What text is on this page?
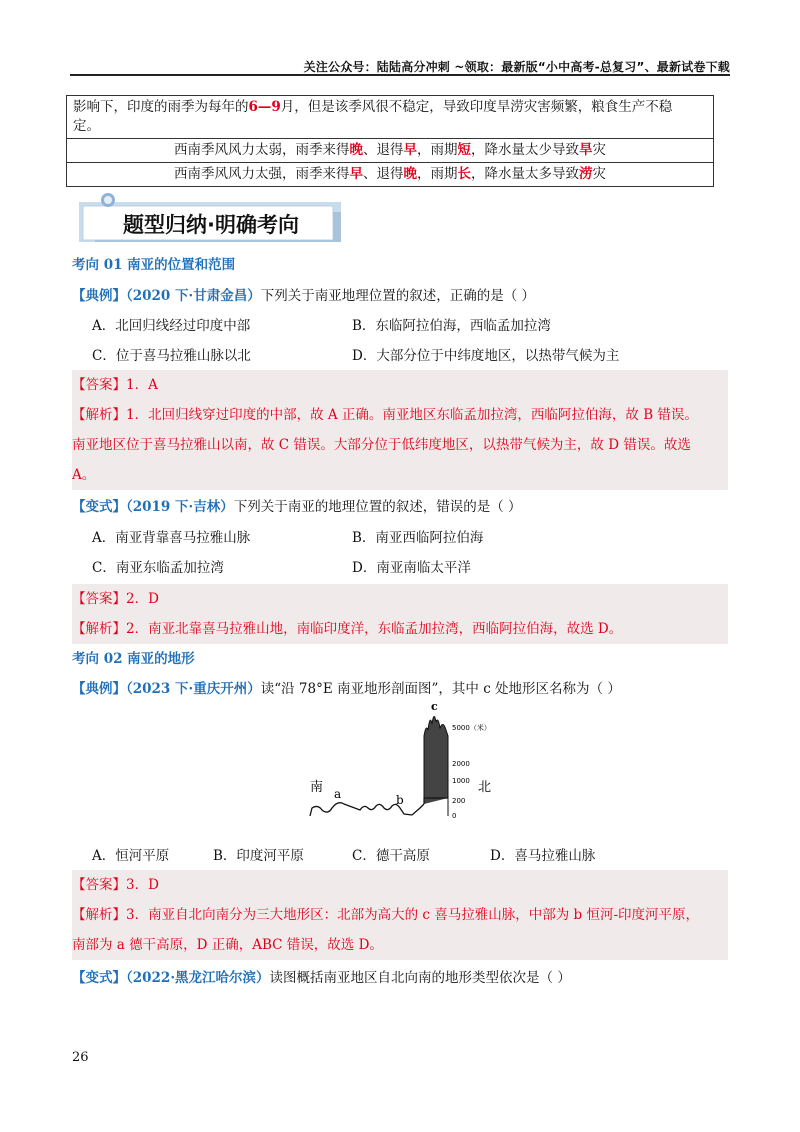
关注公众号：陆陆高分冲刺 ~领取：最新版“小中高考-总复习”、最新试卷下载
影响下，印度的雨季为每年的6—9月，但是该季风很不稳定，导致印度旱涝灾害频繁，粮食生产不稳
定。
西南季风风力太弱，雨季来得晚、退得早，雨期短，降水量太少导致旱灾
西南季风风力太强，雨季来得早、退得晚，雨期长，降水量太多导致涝灾
题型归纳·明确考向
考向 01 南亚的位置和范围
【典例】（2020 下·甘肃金昌）下列关于南亚地理位置的叙述，正确的是（ ）
A．北回归线经过印度中部	B．东临阿拉伯海，西临孟加拉湾
C．位于喜马拉雅山脉以北	D．大部分位于中纬度地区，以热带气候为主
【答案】1．A
【解析】1．北回归线穿过印度的中部，故 A 正确。南亚地区东临孟加拉湾，西临阿拉伯海，故 B 错误。
南亚地区位于喜马拉雅山以南，故 C 错误。大部分位于低纬度地区，以热带气候为主，故 D 错误。故选
A。
【变式】（2019 下·吉林）下列关于南亚的地理位置的叙述，错误的是（ ）
A．南亚背靠喜马拉雅山脉	B．南亚西临阿拉伯海
C．南亚东临孟加拉湾	D．南亚南临太平洋
【答案】2．D
【解析】2．南亚北靠喜马拉雅山地，南临印度洋，东临孟加拉湾，西临阿拉伯海，故选 D。
考向 02 南亚的地形
【典例】（2023 下·重庆开州）读“沿 78°E 南亚地形剖面图”，其中 c 处地形区名称为（ ）
南	北
a	b
c
5000（米）
2000
1000
200
0
A．恒河平原	B．印度河平原	C．德干高原	D．喜马拉雅山脉
【答案】3．D
【解析】3．南亚自北向南分为三大地形区：北部为高大的 c 喜马拉雅山脉，中部为 b 恒河-印度河平原，
南部为 a 德干高原，D 正确，ABC 错误，故选 D。
【变式】（2022·黑龙江哈尔滨）读图概括南亚地区自北向南的地形类型依次是（ ）
26
